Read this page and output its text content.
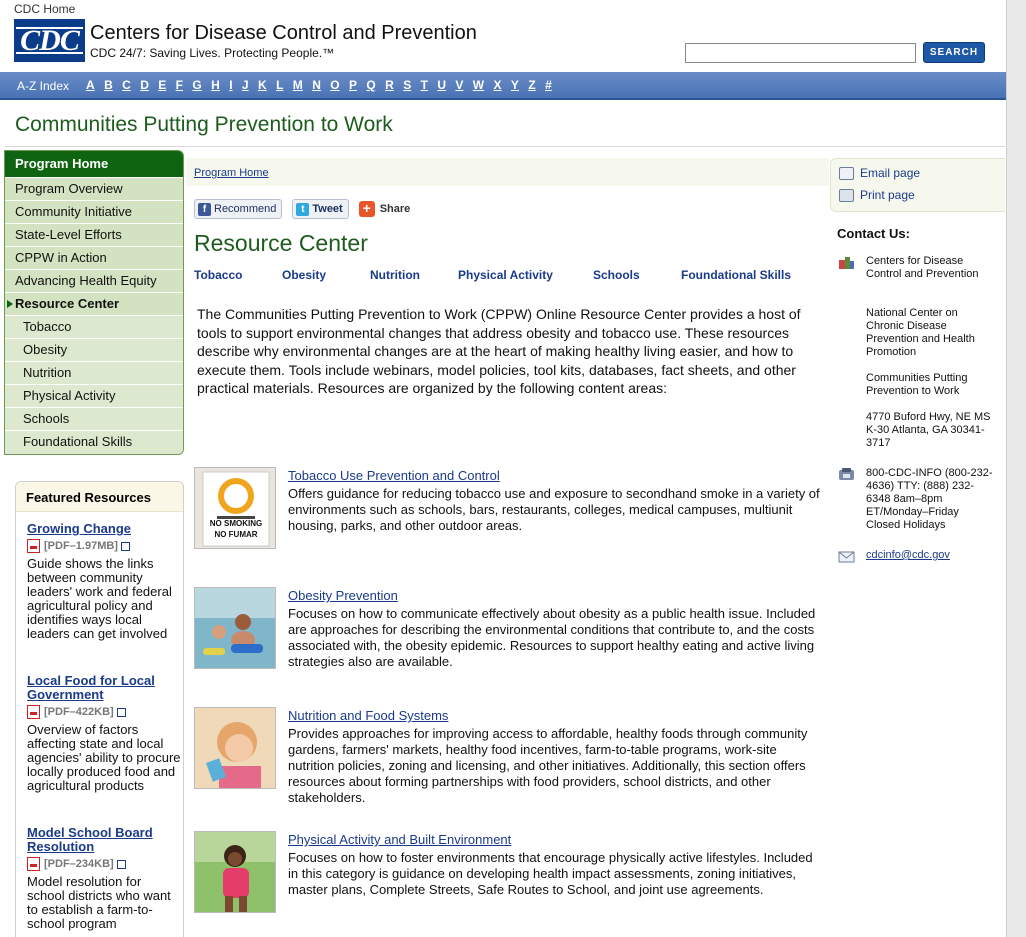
CDC Home
CDC Centers for Disease Control and Prevention
CDC 24/7: Saving Lives. Protecting People.™	SEARCH
A-Z Index A B C D E F G H I J K L M N O P Q R S T U V W X Y Z #
Communities Putting Prevention to Work
Program Home
Program Overview
Community Initiative
State-Level Efforts
CPPW in Action
Advancing Health Equity
Resource Center
Tobacco
Obesity
Nutrition
Physical Activity
Schools
Foundational Skills
Featured Resources
Growing Change
[PDF–1.97MB]
Guide shows the links between community leaders' work and federal agricultural policy and identifies ways local leaders can get involved
Local Food for Local Government
[PDF–422KB]
Overview of factors affecting state and local agencies' ability to procure locally produced food and agricultural products
Model School Board Resolution
[PDF–234KB]
Model resolution for school districts who want to establish a farm-to-school program
Program Home
f Recommend	t Tweet + Share
Resource Center
Tobacco	Obesity	Nutrition	Physical Activity	Schools	Foundational Skills
The Communities Putting Prevention to Work (CPPW) Online Resource Center provides a host of tools to support environmental changes that address obesity and tobacco use. These resources describe why environmental changes are at the heart of making healthy living easier, and how to execute them. Tools include webinars, model policies, tool kits, databases, fact sheets, and other practical materials. Resources are organized by the following content areas:
NO SMOKING
NO FUMAR
Tobacco Use Prevention and Control
Offers guidance for reducing tobacco use and exposure to secondhand smoke in a variety of environments such as schools, bars, restaurants, colleges, medical campuses, multiunit housing, parks, and other outdoor areas.
Obesity Prevention
Focuses on how to communicate effectively about obesity as a public health issue. Included are approaches for describing the environmental conditions that contribute to, and the costs associated with, the obesity epidemic. Resources to support healthy eating and active living strategies also are available.
Nutrition and Food Systems
Provides approaches for improving access to affordable, healthy foods through community gardens, farmers' markets, healthy food incentives, farm-to-table programs, work-site nutrition policies, zoning and licensing, and other initiatives. Additionally, this section offers resources about forming partnerships with food providers, school districts, and other stakeholders.
Physical Activity and Built Environment
Focuses on how to foster environments that encourage physically active lifestyles. Included in this category is guidance on developing health impact assessments, zoning initiatives, master plans, Complete Streets, Safe Routes to School, and joint use agreements.
Email page
Print page
Contact Us:
Centers for Disease Control and Prevention
National Center on Chronic Disease Prevention and Health Promotion
Communities Putting Prevention to Work
4770 Buford Hwy, NE MS K-30 Atlanta, GA 30341-3717
800-CDC-INFO (800-232-4636) TTY: (888) 232-6348 8am–8pm ET/Monday–Friday Closed Holidays
cdcinfo@cdc.gov
